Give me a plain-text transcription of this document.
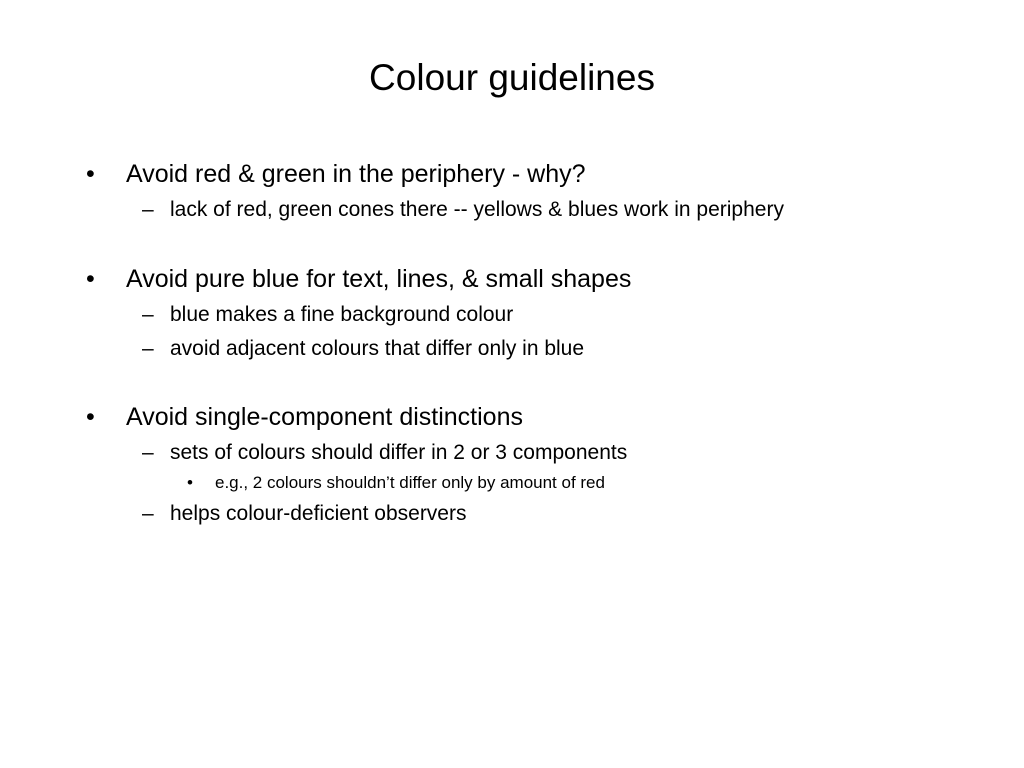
Colour guidelines
• Avoid red & green in the periphery - why?
– lack of red, green cones there -- yellows & blues work in periphery
• Avoid pure blue for text, lines, & small shapes
– blue makes a fine background colour
– avoid adjacent colours that differ only in blue
• Avoid single-component distinctions
– sets of colours should differ in 2 or 3 components
• e.g., 2 colours shouldn’t differ only by amount of red
– helps colour-deficient observers
